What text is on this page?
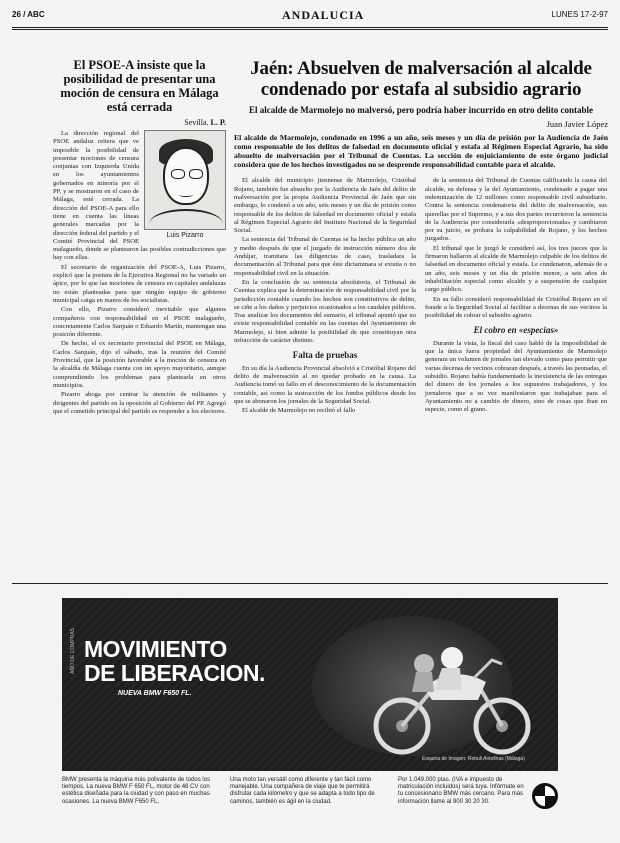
26 / ABC	ANDALUCIA	LUNES 17-2-97
El PSOE-A insiste que la posibilidad de presentar una moción de censura en Málaga está cerrada
Sevilla. L. P.
Luis Pizarro

La dirección regional del PSOE andaluz reitera que ve imposible la posibilidad de presentar mociones de censura conjuntas con Izquierda Unida en los ayuntamientos gobernados en minoría por el PP, y se mostraron en el caso de Málaga, esté cerrada. La dirección del PSOE-A para ello tiene en cuenta las líneas generales marcadas por la dirección federal del partido y el Comité Provincial del PSOE malagueño, donde se plantearon las posibles contradicciones que hay con ellas.

El secretario de organización del PSOE-A, Luis Pizarro, explicó que la postura de la Ejecutiva Regional no ha variado un ápice, por lo que las mociones de censura en capitales andaluzas no están planteadas para que ningún equipo de gobierno municipal caiga en manos de los socialistas.

Con ello, Pizarro consideró inevitable que algunos compañeros con responsabilidad en el PSOE malagueño, concretamente Carlos Sanjuán o Eduardo Martín, mantengan una posición diferente.

De hecho, el ex secretario provincial del PSOE en Málaga, Carlos Sanjuán, dijo el sábado, tras la reunión del Comité Provincial, que la posición favorable a la moción de censura en la alcaldía de Málaga cuenta con un apoyo mayoritario, aunque comprendiendo los problemas para plantearla en otros municipios.

Pizarro aboga por centrar la atención de militantes y dirigentes del partido en la oposición al Gobierno del PP. Agregó que el cometido principal del partido es responder a los electores.

Jaén: Absuelven de malversación al alcalde condenado por estafa al subsidio agrario
El alcalde de Marmolejo no malversó, pero podría haber incurrido en otro delito contable
Juan Javier López
El alcalde de Marmolejo, condenado en 1996 a un año, seis meses y un día de prisión por la Audiencia de Jaén como responsable de los delitos de falsedad en documento oficial y estafa al Régimen Especial Agrario, ha sido absuelto de malversación por el Tribunal de Cuentas. La sección de enjuiciamiento de este órgano judicial considera que de los hechos investigados no se desprende responsabilidad contable para el alcalde.

El alcalde del municipio jiennense de Marmolejo, Cristóbal Rojano, también fue absuelto por la Audiencia de Jaén del delito de malversación por la propia Audiencia Provincial de Jaén que sin embargo, lo condenó a un año, seis meses y un día de prisión como responsable de los delitos de falsedad en documento oficial y estafa al Régimen Especial Agrario del Instituto Nacional de la Seguridad Social.

La sentencia del Tribunal de Cuentas se ha hecho pública un año y medio después de que el juzgado de instrucción número dos de Andújar, tramitara las diligencias de caso, trasladara la documentación al Tribunal para que éste dictaminara si existía o no responsabilidad civil en la situación.

En la conclusión de su sentencia absolutoria, el Tribunal de Cuentas explica que la determinación de responsabilidad civil por la jurisdicción contable cuando los hechos son constitutivos de delito, se ciñe a los daños y perjuicios ocasionados a los caudales públicos. Tras analizar los documentos del sumario, el tribunal apuntó que no existe responsabilidad contable en las cuentas del Ayuntamiento de Marmolejo, si bien admite la posibilidad de que constituyan otra infracción de carácter distinto.

Falta de pruebas

En su día la Audiencia Provincial absolvió a Cristóbal Rojano del delito de malversación al no quedar probado en la causa. La Audiencia tomó su fallo en el desconocimiento de la documentación contable, así como la sustracción de los fondos públicos desde los que se abonaron los jornales de la Seguridad Social.

El alcalde de Marmolejo no recibió el fallo

de la sentencia del Tribunal de Cuentas calificando la causa del alcalde, su defensa y la del Ayuntamiento, condenado a pagar una indemnización de 12 millones como responsable civil subsidiario. Contra la sentencia condenatoria del delito de malversación, sus querellas por el Supremo, y a sus dos partes recurrieron la sentencia de la Audiencia por considerarla «desproporcionada» y cambiaron por su juicio, se probara la culpabilidad de Rojano, y los hechos juzgados.

El tribunal que le juzgó le consideró así, los tres jueces que la firmaron hallaron al alcalde de Marmolejo culpable de los delitos de falsedad en documento oficial y estafa. Le condenaron, además de a un año, seis meses y un día de prisión menor, a seis años de inhabilitación especial como alcalde y a suspensión de cualquier cargo público.

En su fallo consideró responsabilidad de Cristóbal Rojano en el fraude a la Seguridad Social al facilitar a decenas de sus vecinos la posibilidad de cobrar el subsidio agrario.

El cobro en «especias»

Durante la vista, la fiscal del caso habló de la imposibilidad de que la única fuera propiedad del Ayuntamiento de Marmolejo generara un volumen de jornales tan elevado como para permitir que varias decenas de vecinos cobraran después, a través las peonadas, el subsidio. Rojano había fundamentado la inexistencia de las entregas del dinero de los jornales a los supuestos trabajadores, y los jornaleros que a su vez manifestaron que trabajaban para el Ayuntamiento no a cambio de dinero, sino de cosas que iban en especie, como el grano.

AÑO DE COMPRAS MOVIMIENTO
DE LIBERACION.
NUEVA BMW F650 FL.
Esquina de Imagen: Rebull Antolinas (Málaga)
BMW presenta la máquina más polivalente de todos los tiempos. La nueva BMW F 650 FL, motor de 48 CV con estética diseñada para la ciudad y con paso en muchas ocasiones. La nueva BMW F650 FL.
Una moto tan versátil como diferente y tan fácil como manejable. Una compañera de viaje que te permitirá disfrutar cada kilómetro y que se adapta a todo tipo de caminos, también es ágil en la ciudad.
Por 1.049.000 ptas. (IVA e impuesto de matriculación incluidos) será tuya. Infórmate en tu concesionario BMW más cercano. Para más información llame al 900 30 20 30.
